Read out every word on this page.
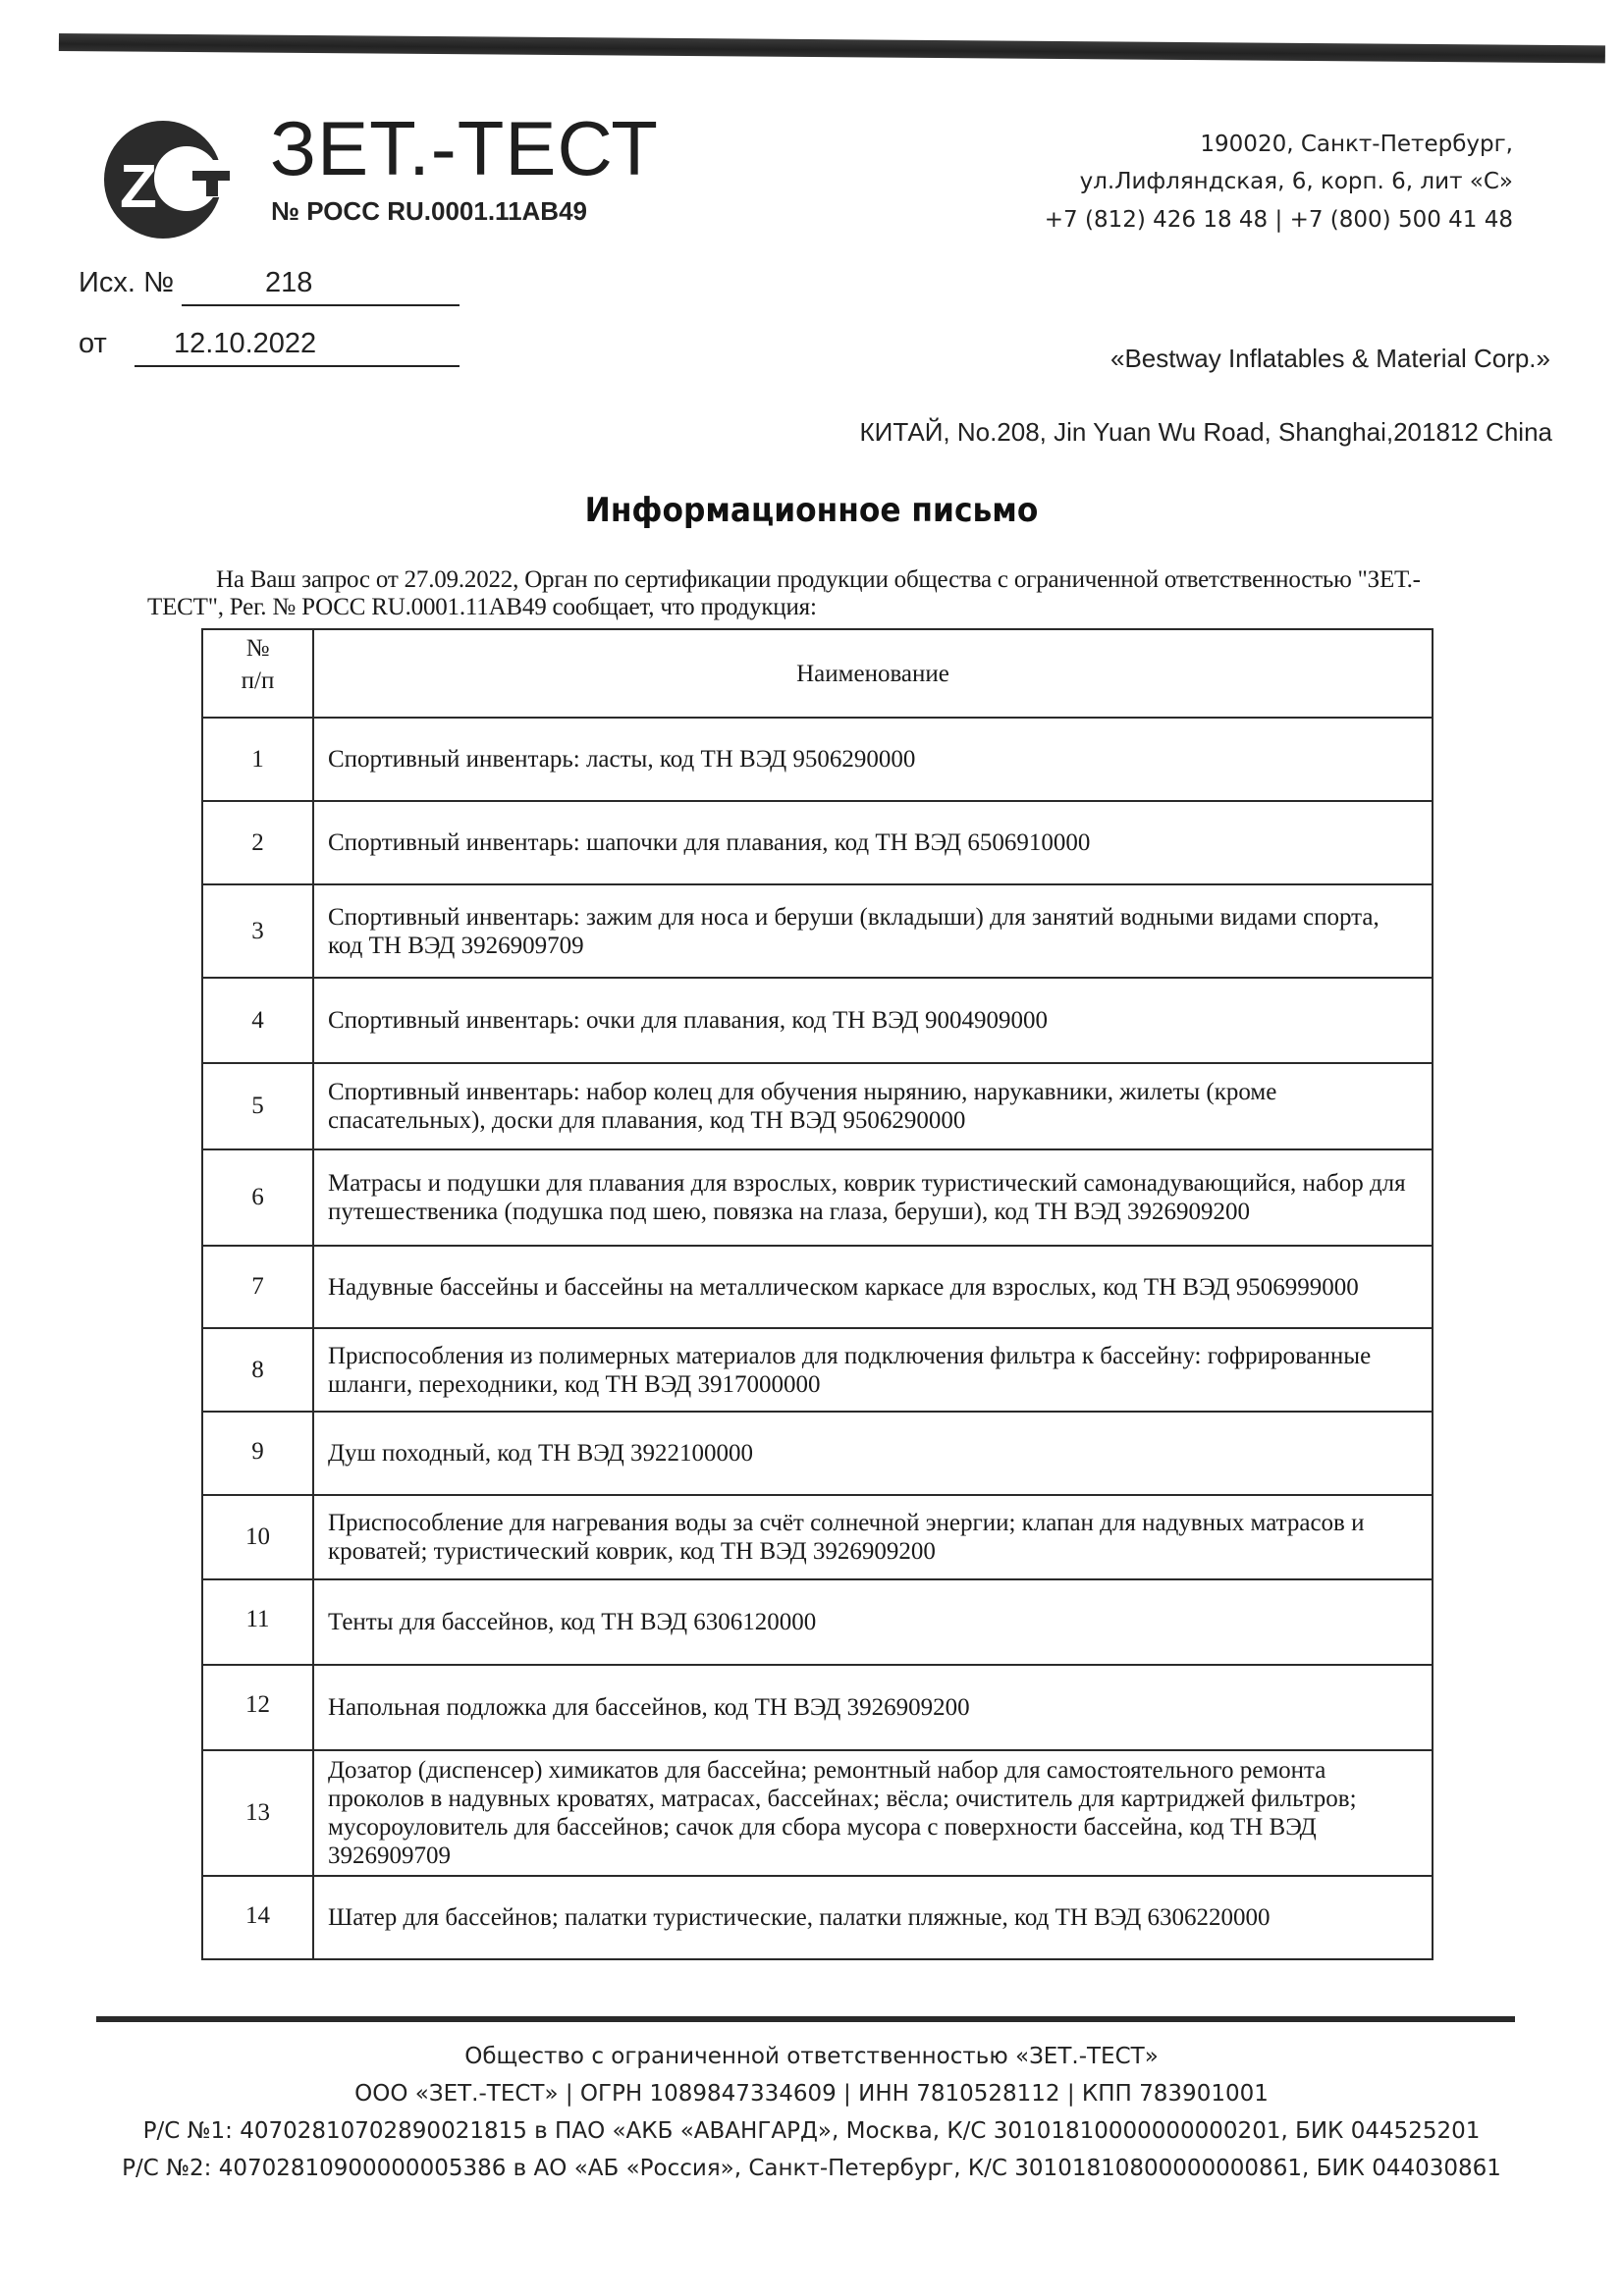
Z ЗЕТ.-ТЕСТ
№ РОСС RU.0001.11АВ49
190020, Санкт-Петербург,
ул.Лифляндская, 6, корп. 6, лит «С»
+7 (812) 426 18 48 | +7 (800) 500 41 48
Исх. №	218
от	12.10.2022	«Bestway Inflatables & Material Corp.»
КИТАЙ, No.208, Jin Yuan Wu Road, Shanghai,201812 China
Информационное письмо
На Ваш запрос от 27.09.2022, Орган по сертификации продукции общества с ограниченной ответственностью "ЗЕТ.-ТЕСТ", Рег. № РОСС RU.0001.11АВ49 сообщает, что продукция:
№
п/п	Наименование
1	Спортивный инвентарь: ласты, код ТН ВЭД 9506290000
2	Спортивный инвентарь: шапочки для плавания, код ТН ВЭД 6506910000
3	Спортивный инвентарь: зажим для носа и беруши (вкладыши) для занятий водными видами спорта, код ТН ВЭД 3926909709
4	Спортивный инвентарь: очки для плавания, код ТН ВЭД 9004909000
5	Спортивный инвентарь: набор колец для обучения нырянию, нарукавники, жилеты (кроме спасательных), доски для плавания, код ТН ВЭД 9506290000
6	Матрасы и подушки для плавания для взрослых, коврик туристический самонадувающийся, набор для путешественика (подушка под шею, повязка на глаза, беруши), код ТН ВЭД 3926909200
7	Надувные бассейны и бассейны на металлическом каркасе для взрослых, код ТН ВЭД 9506999000
8	Приспособления из полимерных материалов для подключения фильтра к бассейну: гофрированные шланги, переходники, код ТН ВЭД 3917000000
9	Душ походный, код ТН ВЭД 3922100000
10	Приспособление для нагревания воды за счёт солнечной энергии; клапан для надувных матрасов и кроватей; туристический коврик, код ТН ВЭД 3926909200
11	Тенты для бассейнов, код ТН ВЭД 6306120000
12	Напольная подложка для бассейнов, код ТН ВЭД 3926909200
13	Дозатор (диспенсер) химикатов для бассейна; ремонтный набор для самостоятельного ремонта проколов в надувных кроватях, матрасах, бассейнах; вёсла; очиститель для картриджей фильтров; мусороуловитель для бассейнов; сачок для сбора мусора с поверхности бассейна, код ТН ВЭД 3926909709
14	Шатер для бассейнов; палатки туристические, палатки пляжные, код ТН ВЭД 6306220000
Общество с ограниченной ответственностью «ЗЕТ.-ТЕСТ»
ООО «ЗЕТ.-ТЕСТ» | ОГРН 1089847334609 | ИНН 7810528112 | КПП 783901001
Р/С №1: 40702810702890021815 в ПАО «АКБ «АВАНГАРД», Москва, К/С 30101810000000000201, БИК 044525201
Р/С №2: 40702810900000005386 в АО «АБ «Россия», Санкт-Петербург, К/С 30101810800000000861, БИК 044030861
